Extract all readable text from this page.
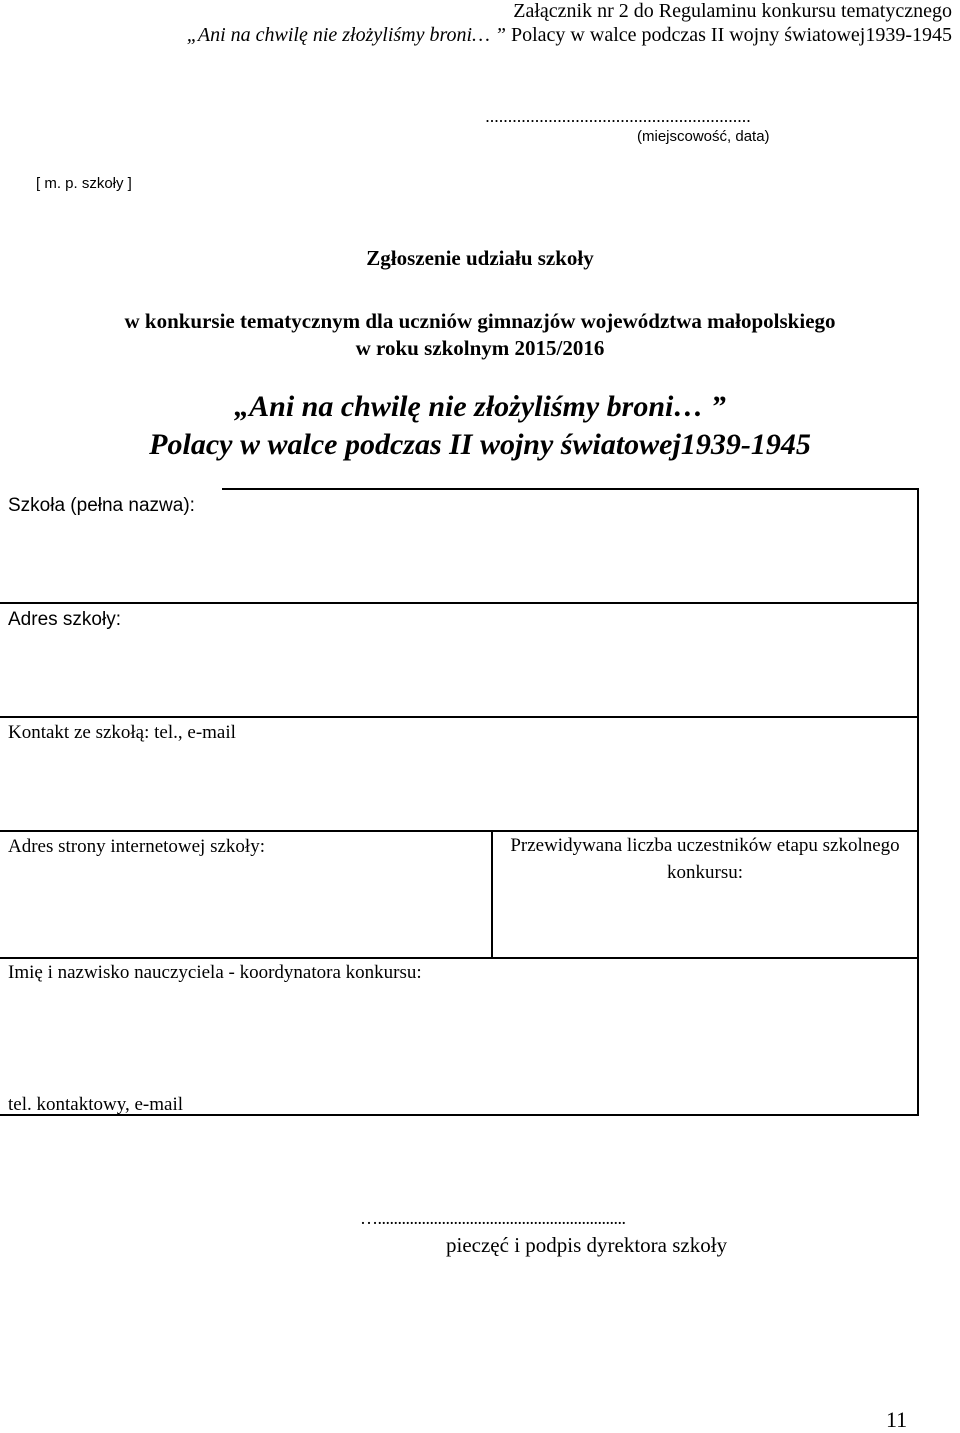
Załącznik nr 2 do Regulaminu konkursu tematycznego
„Ani na chwilę nie złożyliśmy broni… ” Polacy w walce podczas II wojny światowej1939-1945
...........................................................
(miejscowość, data)
[ m. p. szkoły ]
Zgłoszenie udziału szkoły
w konkursie tematycznym dla uczniów gimnazjów województwa małopolskiego
w roku szkolnym 2015/2016
„Ani na chwilę nie złożyliśmy broni… ”
Polacy w walce podczas II wojny światowej1939-1945
Szkoła (pełna nazwa):
Adres szkoły:
Kontakt ze szkołą: tel., e-mail
Adres strony internetowej szkoły:	Przewidywana liczba uczestników etapu szkolnego konkursu:
Imię i nazwisko nauczyciela - koordynatora konkursu:
tel. kontaktowy, e-mail
…..............................................................
pieczęć i podpis dyrektora szkoły
11
